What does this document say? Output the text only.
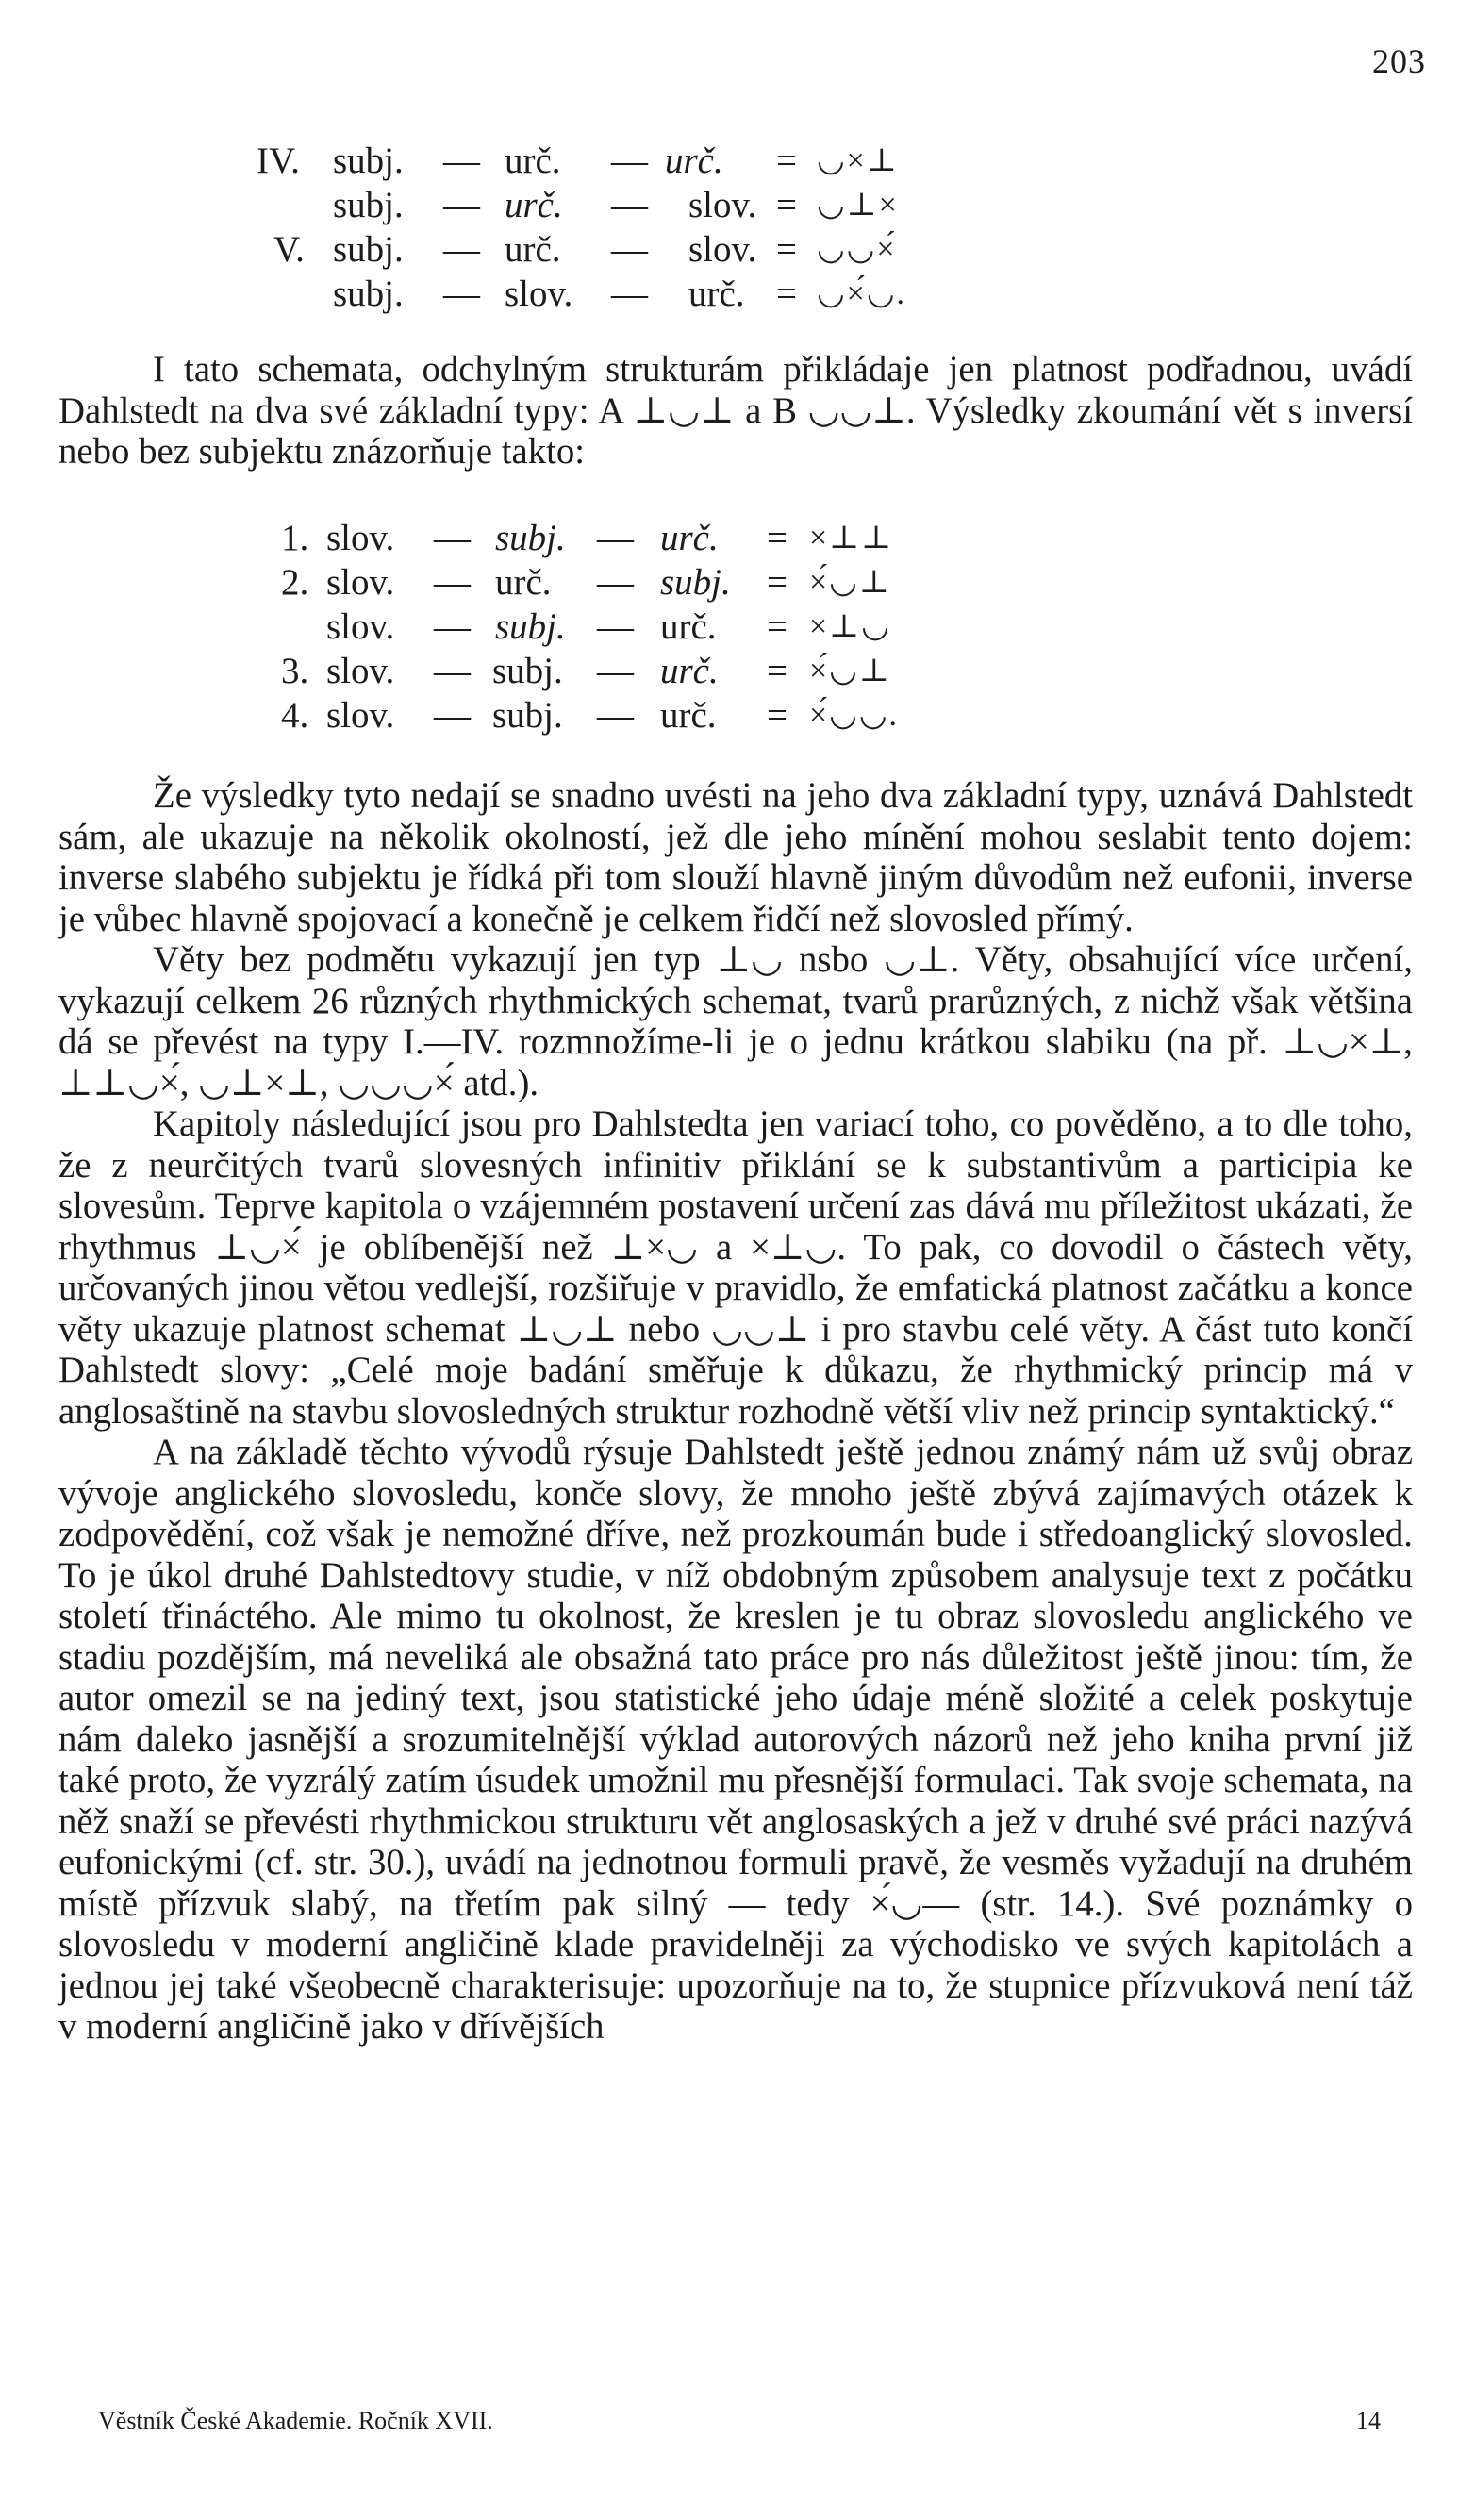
203
IV. subj. — urč. — urč. = ◡×⊥
subj. — urč. — slov. = ◡⊥×
V. subj. — urč. — slov. = ◡◡×́
subj. — slov. — urč. = ◡×́◡.

I tato schemata, odchylným strukturám přikládaje jen platnost podřadnou, uvádí Dahlstedt na dva své základní typy: A ⊥◡⊥ a B ◡◡⊥. Výsledky zkoumání vět s inversí nebo bez subjektu znázorňuje takto:

1. slov. — subj. — urč. = ×⊥⊥
2. slov. — urč. — subj. = ×́◡⊥
slov. — subj. — urč. = ×⊥◡
3. slov. — subj. — urč. = ×́◡⊥
4. slov. — subj. — urč. = ×́◡◡.

Že výsledky tyto nedají se snadno uvésti na jeho dva základní typy, uznává Dahlstedt sám, ale ukazuje na několik okolností, jež dle jeho mínění mohou seslabit tento dojem: inverse slabého subjektu je řídká při tom slouží hlavně jiným důvodům než eufonii, inverse je vůbec hlavně spojovací a konečně je celkem řidčí než slovosled přímý.

Věty bez podmětu vykazují jen typ ⊥◡ nsbo ◡⊥. Věty, obsahující více určení, vykazují celkem 26 různých rhythmických schemat, tvarů prarůzných, z nichž však většina dá se převést na typy I.—IV. rozmnožíme-li je o jednu krátkou slabiku (na př. ⊥◡×⊥, ⊥⊥◡×́, ◡⊥×⊥, ◡◡◡×́ atd.).

Kapitoly následující jsou pro Dahlstedta jen variací toho, co pověděno, a to dle toho, že z neurčitých tvarů slovesných infinitiv přiklání se k substantivům a participia ke slovesům. Teprve kapitola o vzájemném postavení určení zas dává mu příležitost ukázati, že rhythmus ⊥◡×́ je oblíbenější než ⊥×◡ a ×⊥◡. To pak, co dovodil o částech věty, určovaných jinou větou vedlejší, rozšiřuje v pravidlo, že emfatická platnost začátku a konce věty ukazuje platnost schemat ⊥◡⊥ nebo ◡◡⊥ i pro stavbu celé věty. A část tuto končí Dahlstedt slovy: „Celé moje badání směřuje k důkazu, že rhythmický princip má v anglosaštině na stavbu slovosledných struktur rozhodně větší vliv než princip syntaktický.“

A na základě těchto vývodů rýsuje Dahlstedt ještě jednou známý nám už svůj obraz vývoje anglického slovosledu, konče slovy, že mnoho ještě zbývá zajímavých otázek k zodpovědění, což však je nemožné dříve, než prozkoumán bude i středoanglický slovosled. To je úkol druhé Dahlstedtovy studie, v níž obdobným způsobem analysuje text z počátku století třináctého. Ale mimo tu okolnost, že kreslen je tu obraz slovosledu anglického ve stadiu pozdějším, má neveliká ale obsažná tato práce pro nás důležitost ještě jinou: tím, že autor omezil se na jediný text, jsou statistické jeho údaje méně složité a celek poskytuje nám daleko jasnější a srozumitelnější výklad autorových názorů než jeho kniha první již také proto, že vyzrálý zatím úsudek umožnil mu přesnější formulaci. Tak svoje schemata, na něž snaží se převésti rhythmickou strukturu vět anglosaských a jež v druhé své práci nazývá eufonickými (cf. str. 30.), uvádí na jednotnou formuli pravě, že vesměs vyžadují na druhém místě přízvuk slabý, na třetím pak silný — tedy ×́◡— (str. 14.). Své poznámky o slovosledu v moderní angličině klade pravidelněji za východisko ve svých kapitolách a jednou jej také všeobecně charakterisuje: upozorňuje na to, že stupnice přízvuková není táž v moderní angličině jako v dřívějších

Věstník České Akademie. Ročník XVII.	14
